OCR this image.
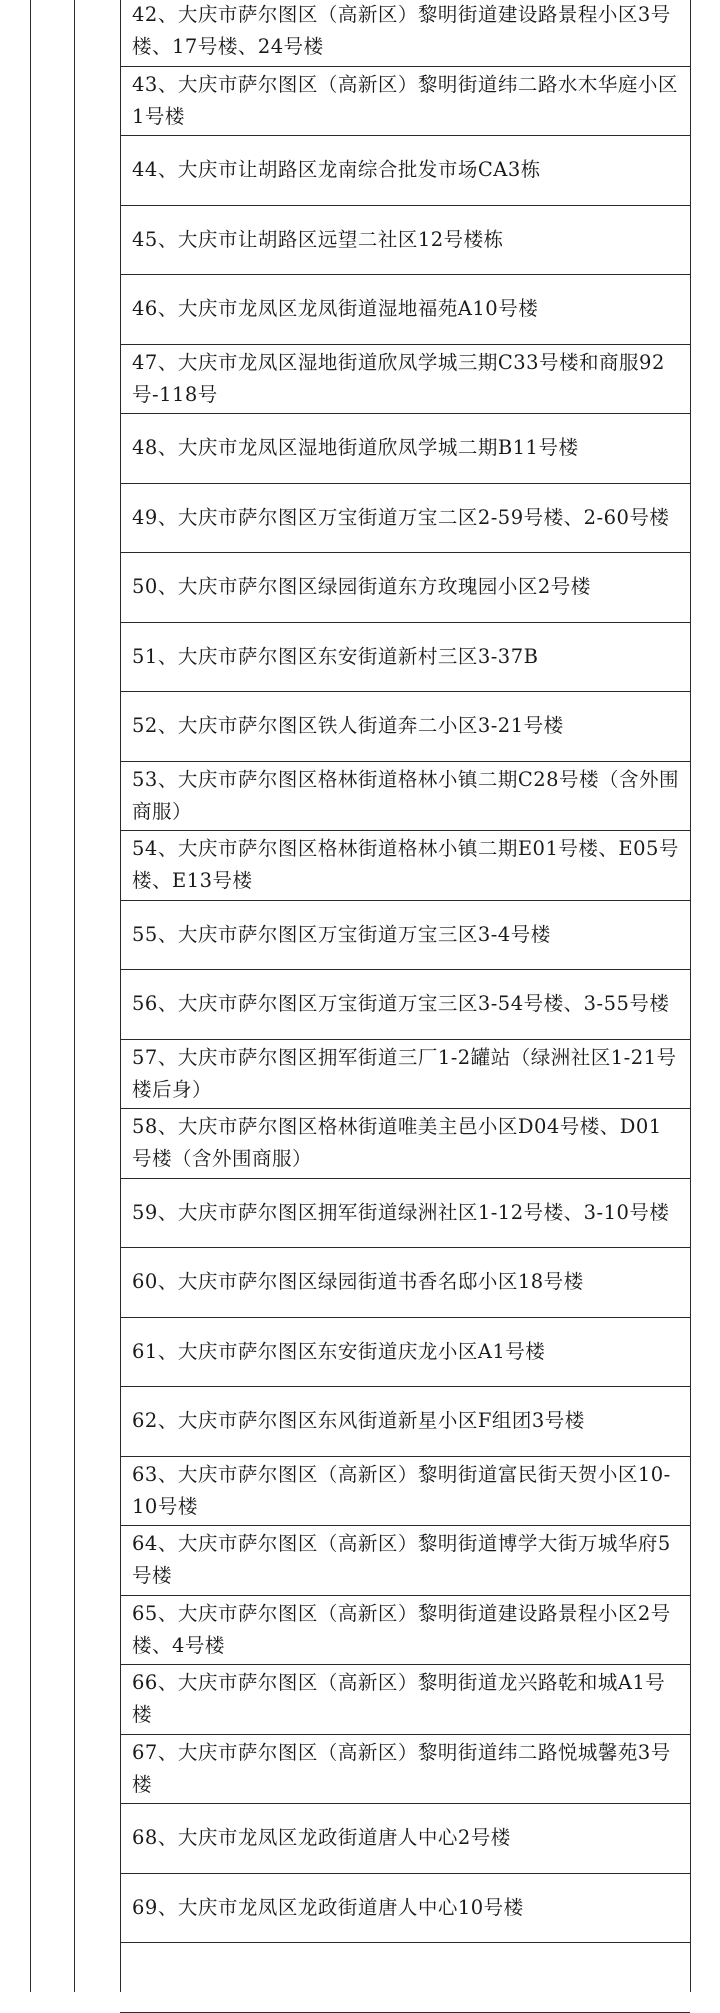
42、大庆市萨尔图区（高新区）黎明街道建设路景程小区3号楼、17号楼、24号楼
43、大庆市萨尔图区（高新区）黎明街道纬二路水木华庭小区1号楼
44、大庆市让胡路区龙南综合批发市场CA3栋
45、大庆市让胡路区远望二社区12号楼栋
46、大庆市龙凤区龙凤街道湿地福苑A10号楼
47、大庆市龙凤区湿地街道欣凤学城三期C33号楼和商服92号-118号
48、大庆市龙凤区湿地街道欣凤学城二期B11号楼
49、大庆市萨尔图区万宝街道万宝二区2-59号楼、2-60号楼
50、大庆市萨尔图区绿园街道东方玫瑰园小区2号楼
51、大庆市萨尔图区东安街道新村三区3-37B
52、大庆市萨尔图区铁人街道奔二小区3-21号楼
53、大庆市萨尔图区格林街道格林小镇二期C28号楼（含外围商服）
54、大庆市萨尔图区格林街道格林小镇二期E01号楼、E05号楼、E13号楼
55、大庆市萨尔图区万宝街道万宝三区3-4号楼
56、大庆市萨尔图区万宝街道万宝三区3-54号楼、3-55号楼
57、大庆市萨尔图区拥军街道三厂1-2罐站（绿洲社区1-21号楼后身）
58、大庆市萨尔图区格林街道唯美主邑小区D04号楼、D01号楼（含外围商服）
59、大庆市萨尔图区拥军街道绿洲社区1-12号楼、3-10号楼
60、大庆市萨尔图区绿园街道书香名邸小区18号楼
61、大庆市萨尔图区东安街道庆龙小区A1号楼
62、大庆市萨尔图区东风街道新星小区F组团3号楼
63、大庆市萨尔图区（高新区）黎明街道富民街天贺小区10-10号楼
64、大庆市萨尔图区（高新区）黎明街道博学大街万城华府5号楼
65、大庆市萨尔图区（高新区）黎明街道建设路景程小区2号楼、4号楼
66、大庆市萨尔图区（高新区）黎明街道龙兴路乾和城A1号楼
67、大庆市萨尔图区（高新区）黎明街道纬二路悦城馨苑3号楼
68、大庆市龙凤区龙政街道唐人中心2号楼
69、大庆市龙凤区龙政街道唐人中心10号楼
